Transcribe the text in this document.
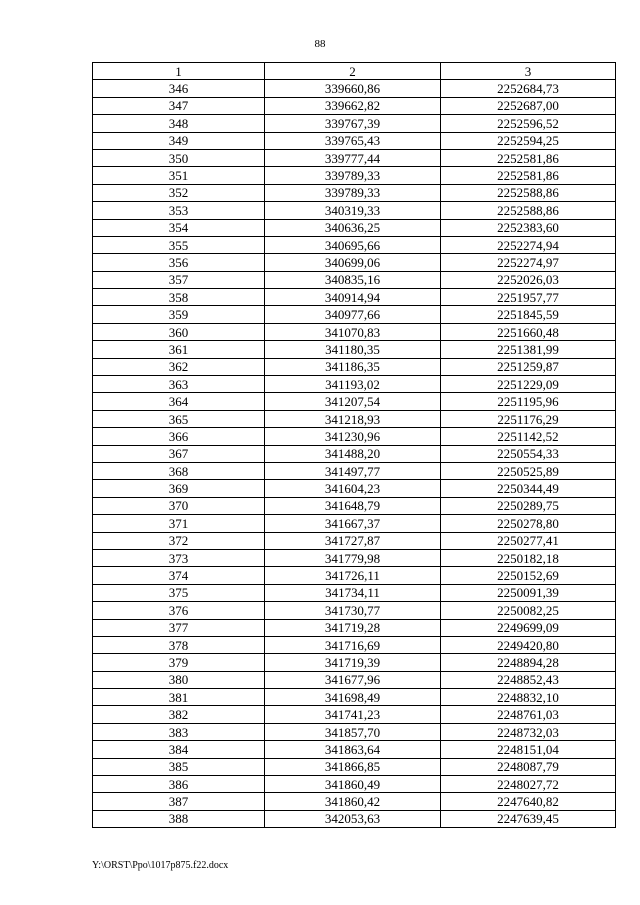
88
1	2	3
346	339660,86	2252684,73
347	339662,82	2252687,00
348	339767,39	2252596,52
349	339765,43	2252594,25
350	339777,44	2252581,86
351	339789,33	2252581,86
352	339789,33	2252588,86
353	340319,33	2252588,86
354	340636,25	2252383,60
355	340695,66	2252274,94
356	340699,06	2252274,97
357	340835,16	2252026,03
358	340914,94	2251957,77
359	340977,66	2251845,59
360	341070,83	2251660,48
361	341180,35	2251381,99
362	341186,35	2251259,87
363	341193,02	2251229,09
364	341207,54	2251195,96
365	341218,93	2251176,29
366	341230,96	2251142,52
367	341488,20	2250554,33
368	341497,77	2250525,89
369	341604,23	2250344,49
370	341648,79	2250289,75
371	341667,37	2250278,80
372	341727,87	2250277,41
373	341779,98	2250182,18
374	341726,11	2250152,69
375	341734,11	2250091,39
376	341730,77	2250082,25
377	341719,28	2249699,09
378	341716,69	2249420,80
379	341719,39	2248894,28
380	341677,96	2248852,43
381	341698,49	2248832,10
382	341741,23	2248761,03
383	341857,70	2248732,03
384	341863,64	2248151,04
385	341866,85	2248087,79
386	341860,49	2248027,72
387	341860,42	2247640,82
388	342053,63	2247639,45
Y:\ORST\Ppo\1017p875.f22.docx
